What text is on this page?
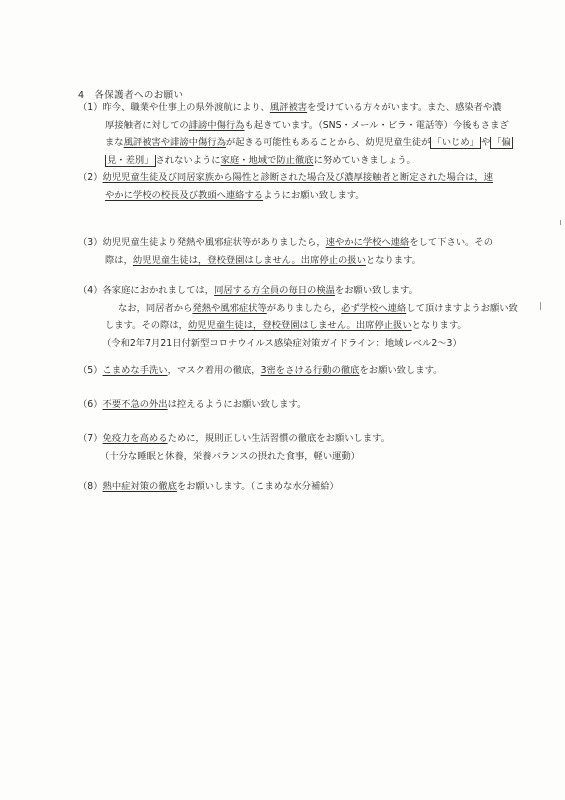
4　各保護者へのお願い
（1）昨今、職業や仕事上の県外渡航により、風評被害を受けている方々がいます。また、感染者や濃
厚接触者に対しての誹謗中傷行為も起きています。（SNS・メール・ビラ・電話等）今後もさまざ
まな風評被害や誹謗中傷行為が起きる可能性もあることから、幼児児童生徒が 「いじめ」 や 「偏
見・差別」 されないように家庭・地域で防止徹底に努めていきましょう。
（2）幼児児童生徒及び同居家族から陽性と診断された場合及び濃厚接触者と断定された場合は，速
やかに学校の校長及び教頭へ連絡するようにお願い致します。
（3）幼児児童生徒より発熱や風邪症状等がありましたら，速やかに学校へ連絡をして下さい。その
際は，幼児児童生徒は，登校登園はしません。出席停止の扱いとなります。
（4）各家庭におかれましては，同居する方全員の毎日の検温をお願い致します。
なお，同居者から発熱や風邪症状等がありましたら，必ず学校へ連絡して頂けますようお願い致
します。その際は，幼児児童生徒は，登校登園はしません。出席停止扱いとなります。
（令和2年7月21日付新型コロナウイルス感染症対策ガイドライン：地域レベル2〜3）
（5）こまめな手洗い，マスク着用の徹底，3密をさける行動の徹底をお願い致します。
（6）不要不急の外出は控えるようにお願い致します。
（7）免疫力を高めるために，規則正しい生活習慣の徹底をお願いします。
（十分な睡眠と休養，栄養バランスの摂れた食事，軽い運動）
（8）熱中症対策の徹底をお願いします。（こまめな水分補給）
